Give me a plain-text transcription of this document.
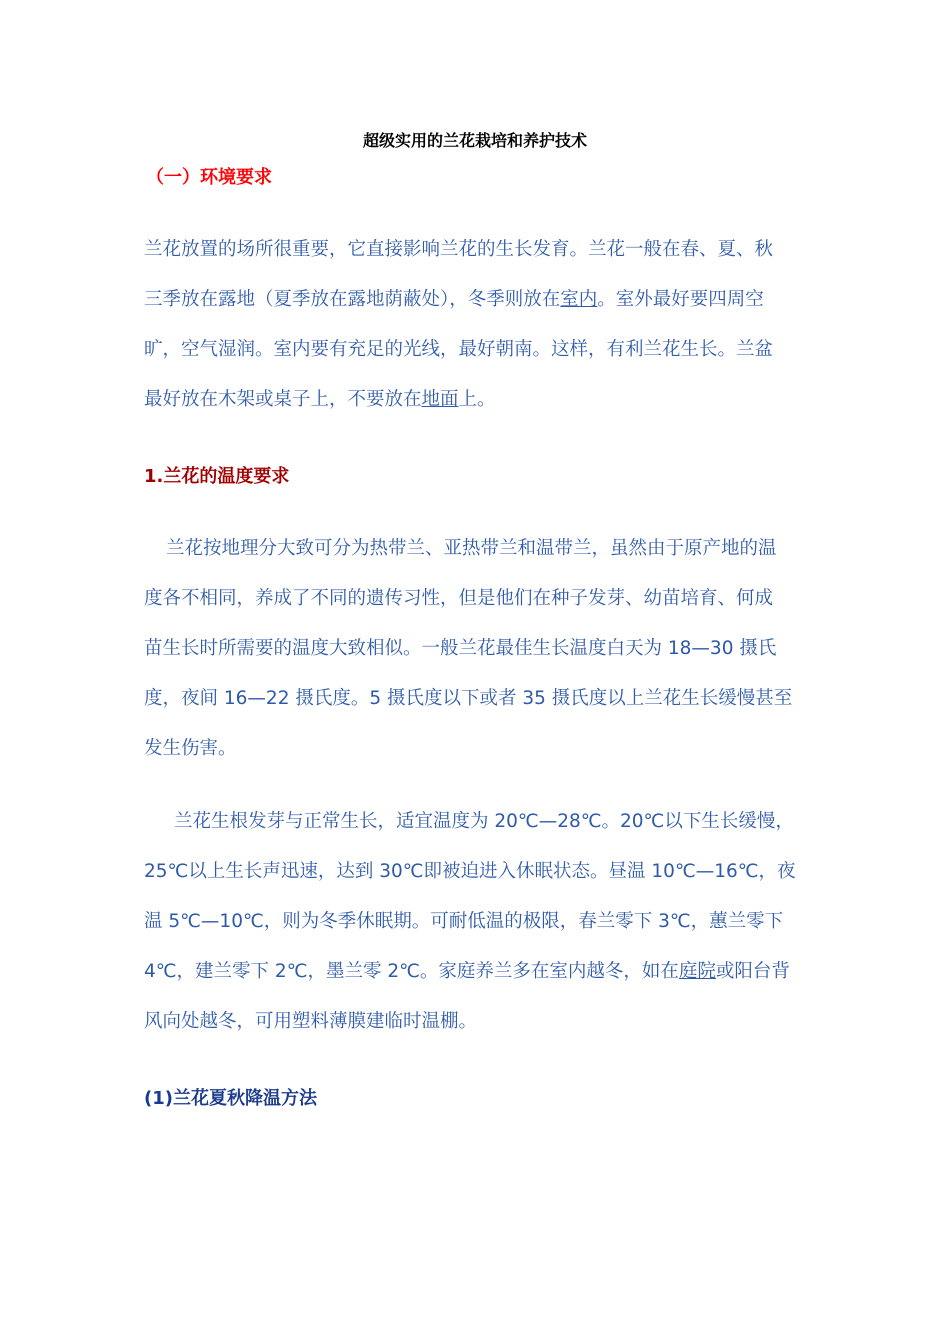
超级实用的兰花栽培和养护技术
（一）环境要求

兰花放置的场所很重要，它直接影响兰花的生长发育。兰花一般在春、夏、秋
三季放在露地（夏季放在露地荫蔽处），冬季则放在室内。室外最好要四周空
旷，空气湿润。室内要有充足的光线，最好朝南。这样，有利兰花生长。兰盆
最好放在木架或桌子上，不要放在地面上。

1.兰花的温度要求

兰花按地理分大致可分为热带兰、亚热带兰和温带兰，虽然由于原产地的温
度各不相同，养成了不同的遗传习性，但是他们在种子发芽、幼苗培育、何成
苗生长时所需要的温度大致相似。一般兰花最佳生长温度白天为 18—30 摄氏
度，夜间 16—22 摄氏度。5 摄氏度以下或者 35 摄氏度以上兰花生长缓慢甚至
发生伤害。

兰花生根发芽与正常生长，适宜温度为 20℃—28℃。20℃以下生长缓慢，
25℃以上生长声迅速，达到 30℃即被迫进入休眠状态。昼温 10℃—16℃，夜
温 5℃—10℃，则为冬季休眠期。可耐低温的极限，春兰零下 3℃，蕙兰零下
4℃，建兰零下 2℃，墨兰零 2℃。家庭养兰多在室内越冬，如在庭院或阳台背
风向处越冬，可用塑料薄膜建临时温棚。

(1)兰花夏秋降温方法
